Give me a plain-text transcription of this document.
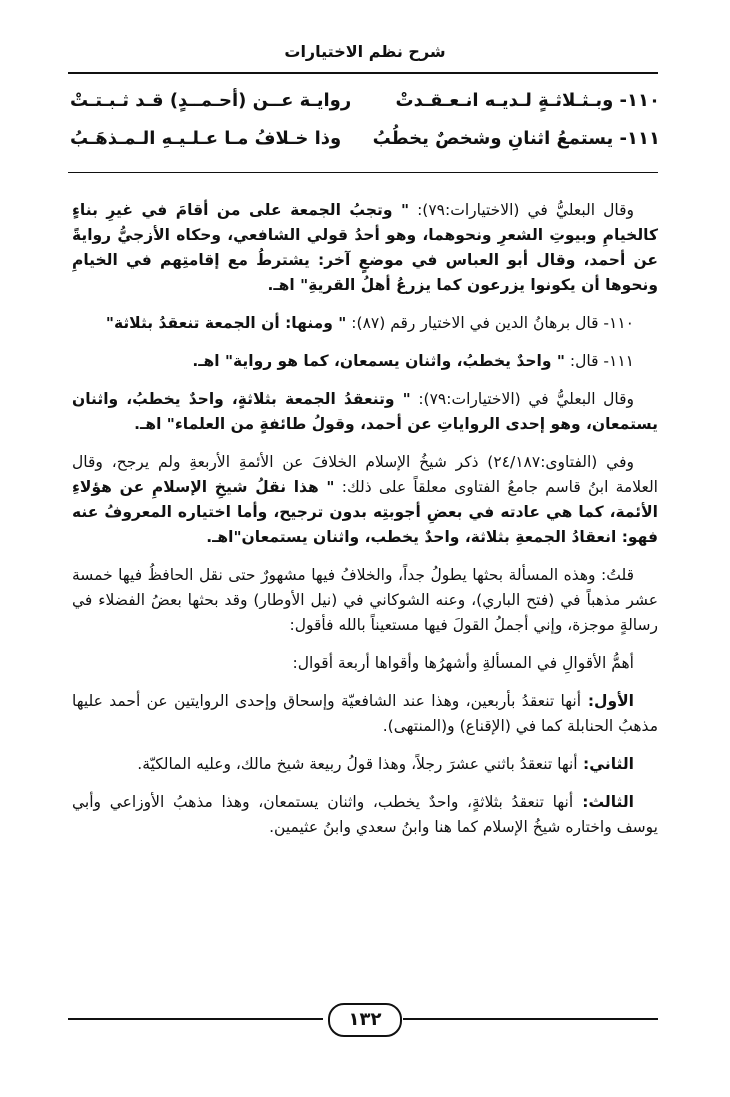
شرح نظم الاختيارات
١١٠- وبـثـلاثـةٍ لـديـه انـعـقـدتْ
روايـة عــن (أحـمــدٍ) قـد ثـبـتـتْ
١١١- يستمعُ اثنانِ وشخصٌ يخطُبُ
وذا خـلافُ مـا عـلـيـهِ الـمـذهَـبُ

وقال البعليُّ في (الاختيارات:٧٩): " وتجبُ الجمعة على من أقامَ في غيرِ بناءٍ كالخيامِ وبيوتِ الشعرِ ونحوهما، وهو أحدُ قولي الشافعي، وحكاه الأزجيُّ روايةً عن أحمد، وقال أبو العباس في موضعٍ آخر: يشترطُ مع إقامتِهم في الخيامِ ونحوها أن يكونوا يزرعون كما يزرعُ أهلُ القريةِ" اهـ.

١١٠- قال برهانُ الدين في الاختيار رقم (٨٧): " ومنها: أن الجمعة تنعقدُ بثلاثة"

١١١- قال: " واحدٌ يخطبُ، واثنان يسمعان، كما هو رواية" اهـ.

وقال البعليُّ في (الاختيارات:٧٩): " وتنعقدُ الجمعة بثلاثةٍ، واحدٌ يخطبُ، واثنان يستمعان، وهو إحدى الرواياتِ عن أحمد، وقولُ طائفةٍ من العلماء" اهـ.

وفي (الفتاوى:٢٤/١٨٧) ذكر شيخُ الإسلام الخلافَ عن الأئمةِ الأربعةِ ولم يرجح، وقال العلامة ابنُ قاسم جامعُ الفتاوى معلقاً على ذلك: " هذا نقلُ شيخِ الإسلامِ عن هؤلاءِ الأئمة، كما هي عادته في بعضِ أجوبتِه بدون ترجيح، وأما اختياره المعروفُ عنه فهو: انعقادُ الجمعةِ بثلاثة، واحدٌ يخطب، واثنان يستمعان"اهـ.

قلتُ: وهذه المسألة بحثها يطولُ جداً، والخلافُ فيها مشهورٌ حتى نقل الحافظُ فيها خمسة عشر مذهباً في (فتح الباري)، وعنه الشوكاني في (نيل الأوطار) وقد بحثها بعضُ الفضلاء في رسالةٍ موجزة، وإني أجملُ القولَ فيها مستعيناً بالله فأقول:

أهمُّ الأقوالِ في المسألةِ وأشهرُها وأقواها أربعة أقوال:

الأول: أنها تنعقدُ بأربعين، وهذا عند الشافعيّة وإسحاق وإحدى الروايتين عن أحمد عليها مذهبُ الحنابلة كما في (الإقناع) و(المنتهى).

الثاني: أنها تنعقدُ باثني عشرَ رجلاً، وهذا قولُ ربيعة شيخ مالك، وعليه المالكيّة.

الثالث: أنها تنعقدُ بثلاثةٍ، واحدٌ يخطب، واثنان يستمعان، وهذا مذهبُ الأوزاعي وأبي يوسف واختاره شيخُ الإسلام كما هنا وابنُ سعدي وابنُ عثيمين.

١٣٢
